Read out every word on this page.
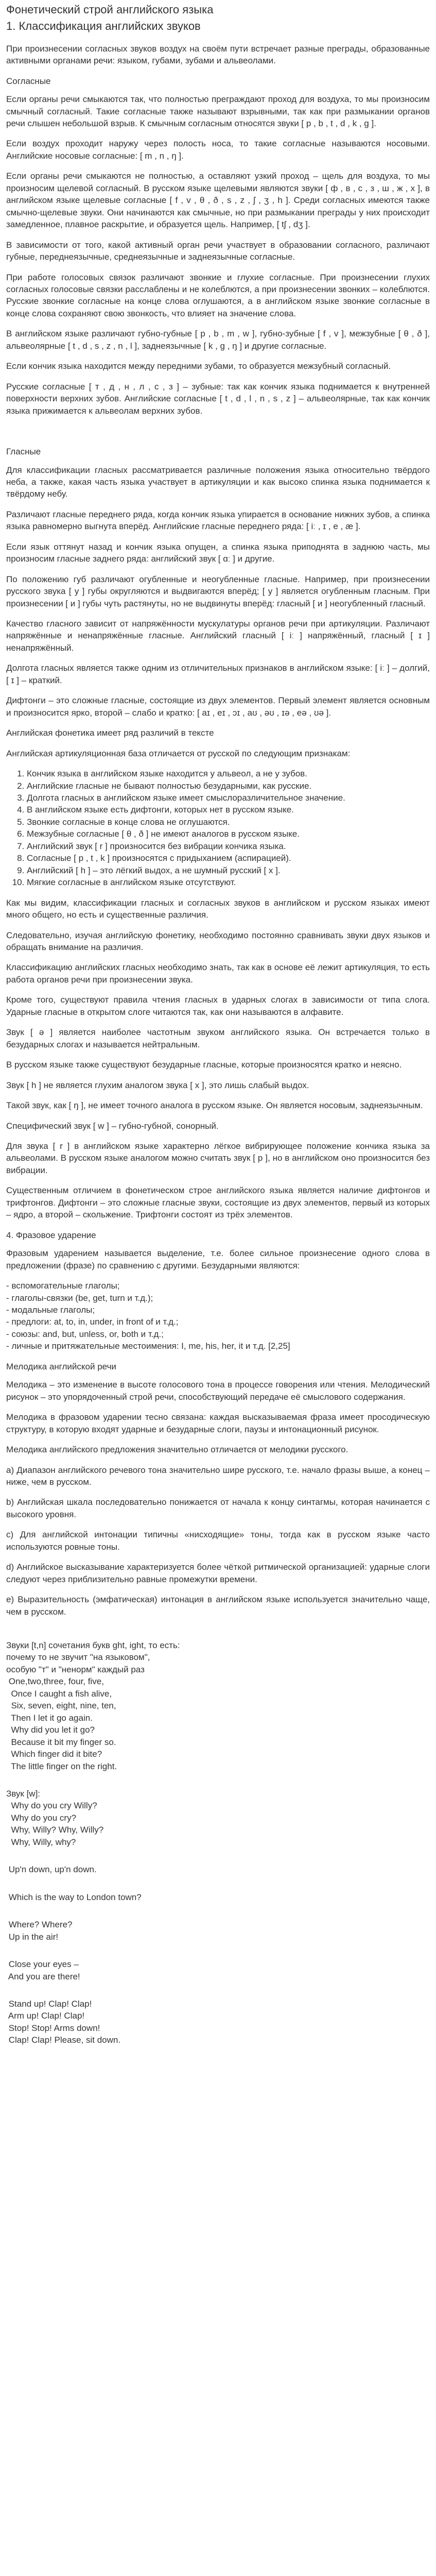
Фонетический строй английского языка
1. Классификация английских звуков

При произнесении согласных звуков воздух на своём пути встречает разные преграды, образованные активными органами речи: языком, губами, зубами и альвеолами.

Согласные

Если органы речи смыкаются так, что полностью преграждают проход для воздуха, то мы произносим смычный согласный. Такие согласные также называют взрывными, так как при размыкании органов речи слышен небольшой взрыв. К смычным согласным относятся звуки [ p , b , t , d , k , g ].

Если воздух проходит наружу через полость носа, то такие согласные называются носовыми. Английские носовые согласные: [ m , n , ŋ ].

Если органы речи смыкаются не полностью, а оставляют узкий проход – щель для воздуха, то мы произносим щелевой согласный. В русском языке щелевыми являются звуки [ ф , в , с , з , ш , ж , х ], в английском языке щелевые согласные [ f , v , θ , ð , s , z , ʃ , ʒ , h ]. Среди согласных имеются также смычно-щелевые звуки. Они начинаются как смычные, но при размыкании преграды у них происходит замедленное, плавное раскрытие, и образуется щель. Например, [ tʃ , dʒ ].

В зависимости от того, какой активный орган речи участвует в образовании согласного, различают губные, переднеязычные, среднеязычные и заднеязычные согласные.

При работе голосовых связок различают звонкие и глухие согласные. При произнесении глухих согласных голосовые связки расслаблены и не колеблются, а при произнесении звонких – колеблются. Русские звонкие согласные на конце слова оглушаются, а в английском языке звонкие согласные в конце слова сохраняют свою звонкость, что влияет на значение слова.

В английском языке различают губно-губные [ p , b , m , w ], губно-зубные [ f , v ], межзубные [ θ , ð ], альвеолярные [ t , d , s , z , n , l ], заднеязычные [ k , g , ŋ ] и другие согласные.

Если кончик языка находится между передними зубами, то образуется межзубный согласный.

Русские согласные [ т , д , н , л , с , з ] – зубные: так как кончик языка поднимается к внутренней поверхности верхних зубов. Английские согласные [ t , d , l , n , s , z ] – альвеолярные, так как кончик языка прижимается к альвеолам верхних зубов.

Гласные

Для классификации гласных рассматривается различные положения языка относительно твёрдого неба, а также, какая часть языка участвует в артикуляции и как высоко спинка языка поднимается к твёрдому небу.

Различают гласные переднего ряда, когда кончик языка упирается в основание нижних зубов, а спинка языка равномерно выгнута вперёд. Английские гласные переднего ряда: [ iː , ɪ , e , æ ].

Если язык оттянут назад и кончик языка опущен, а спинка языка приподнята в заднюю часть, мы произносим гласные заднего ряда: английский звук [ ɑː ] и другие.

По положению губ различают огубленные и неогубленные гласные. Например, при произнесении русского звука [ у ] губы округляются и выдвигаются вперёд; [ у ] является огубленным гласным. При произнесении [ и ] губы чуть растянуты, но не выдвинуты вперёд: гласный [ и ] неогубленный гласный.

Качество гласного зависит от напряжённости мускулатуры органов речи при артикуляции. Различают напряжённые и ненапряжённые гласные. Английский гласный [ iː ] напряжённый, гласный [ ɪ ] ненапряжённый.

Долгота гласных является также одним из отличительных признаков в английском языке: [ iː ] – долгий, [ ɪ ] – краткий.

Дифтонги – это сложные гласные, состоящие из двух элементов. Первый элемент является основным и произносится ярко, второй – слабо и кратко: [ aɪ , eɪ , ɔɪ , aʊ , əʊ , ɪə , eə , ʊə ].

Английская фонетика имеет ряд различий в тексте

Английская артикуляционная база отличается от русской по следующим признакам:

1. Кончик языка в английском языке находится у альвеол, а не у зубов.
2. Английские гласные не бывают полностью безударными, как русские.
3. Долгота гласных в английском языке имеет смыслоразличительное значение.
4. В английском языке есть дифтонги, которых нет в русском языке.
5. Звонкие согласные в конце слова не оглушаются.
6. Межзубные согласные [ θ , ð ] не имеют аналогов в русском языке.
7. Английский звук [ r ] произносится без вибрации кончика языка.
8. Согласные [ p , t , k ] произносятся с придыханием (аспирацией).
9. Английский [ h ] – это лёгкий выдох, а не шумный русский [ х ].
10. Мягкие согласные в английском языке отсутствуют.

Как мы видим, классификации гласных и согласных звуков в английском и русском языках имеют много общего, но есть и существенные различия.

Следовательно, изучая английскую фонетику, необходимо постоянно сравнивать звуки двух языков и обращать внимание на различия.

Классификацию английских гласных необходимо знать, так как в основе её лежит артикуляция, то есть работа органов речи при произнесении звука.

Кроме того, существуют правила чтения гласных в ударных слогах в зависимости от типа слога. Ударные гласные в открытом слоге читаются так, как они называются в алфавите.

Звук [ ə ] является наиболее частотным звуком английского языка. Он встречается только в безударных слогах и называется нейтральным.

В русском языке также существуют безударные гласные, которые произносятся кратко и неясно.

Звук [ h ] не является глухим аналогом звука [ х ], это лишь слабый выдох.

Такой звук, как [ ŋ ], не имеет точного аналога в русском языке. Он является носовым, заднеязычным.

Специфический звук [ w ] – губно-губной, сонорный.

Для звука [ r ] в английском языке характерно лёгкое вибрирующее положение кончика языка за альвеолами. В русском языке аналогом можно считать звук [ р ], но в английском оно произносится без вибрации.

Существенным отличием в фонетическом строе английского языка является наличие дифтонгов и трифтонгов. Дифтонги – это сложные гласные звуки, состоящие из двух элементов, первый из которых – ядро, а второй – скольжение. Трифтонги состоят из трёх элементов.

4. Фразовое ударение

Фразовым ударением называется выделение, т.е. более сильное произнесение одного слова в предложении (фразе) по сравнению с другими. Безударными являются:

- вспомогательные глаголы;
- глаголы-связки (be, get, turn и т.д.);
- модальные глаголы;
- предлоги: at, to, in, under, in front of и т.д.;
- союзы: and, but, unless, or, both и т.д.;
- личные и притяжательные местоимения: I, me, his, her, it и т.д. [2,25]

Мелодика английской речи

Мелодика – это изменение в высоте голосового тона в процессе говорения или чтения. Мелодический рисунок – это упорядоченный строй речи, способствующий передаче её смыслового содержания.

Мелодика в фразовом ударении тесно связана: каждая высказываемая фраза имеет просодическую структуру, в которую входят ударные и безударные слоги, паузы и интонационный рисунок.

Мелодика английского предложения значительно отличается от мелодики русского.

a) Диапазон английского речевого тона значительно шире русского, т.е. начало фразы выше, а конец – ниже, чем в русском.

b) Английская шкала последовательно понижается от начала к концу синтагмы, которая начинается с высокого уровня.

c) Для английской интонации типичны «нисходящие» тоны, тогда как в русском языке часто используются ровные тоны.

d) Английское высказывание характеризуется более чёткой ритмической организацией: ударные слоги следуют через приблизительно равные промежутки времени.

e) Выразительность (эмфатическая) интонация в английском языке используется значительно чаще, чем в русском.

Звуки [t,n] сочетания букв ght, ight, то есть:

почему то не звучит "на языковом",

особую "т" и "ненорм" каждый раз

One,two,three, four, five,
Once I caught a fish alive,
Six, seven, eight, nine, ten,
Then I let it go again.
Why did you let it go?
Because it bit my finger so.
Which finger did it bite?
The little finger on the right.
Звук [w]:
Why do you cry Willy?
Why do you cry?
Why, Willy? Why, Willy?
Why, Willy, why?
Up'n down, up'n down.
Which is the way to London town?
Where? Where?
Up in the air!
Close your eyes –
And you are there!
Stand up! Clap! Clap!
Arm up! Clap! Clap!
Stop! Stop! Arms down!
Clap! Clap! Please, sit down.
